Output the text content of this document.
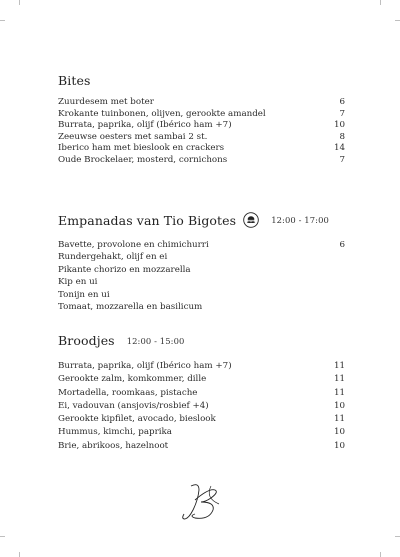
Bites
Zuurdesem met boter	6
Krokante tuinbonen, olijven, gerookte amandel	7
Burrata, paprika, olijf (Ibérico ham +7)	10
Zeeuwse oesters met sambai 2 st.	8
Iberico ham met bieslook en crackers	14
Oude Brockelaer, mosterd, cornichons	7
Empanadas van Tio Bigotes	12:00 - 17:00
Bavette, provolone en chimichurri	6
Rundergehakt, olijf en ei
Pikante chorizo en mozzarella
Kip en ui
Tonijn en ui
Tomaat, mozzarella en basilicum
Broodjes 12:00 - 15:00
Burrata, paprika, olijf (Ibérico ham +7)	11
Gerookte zalm, komkommer, dille	11
Mortadella, roomkaas, pistache	11
Ei, vadouvan (ansjovis/rosbief +4)	10
Gerookte kipfilet, avocado, bieslook	11
Hummus, kimchi, paprika	10
Brie, abrikoos, hazelnoot	10
